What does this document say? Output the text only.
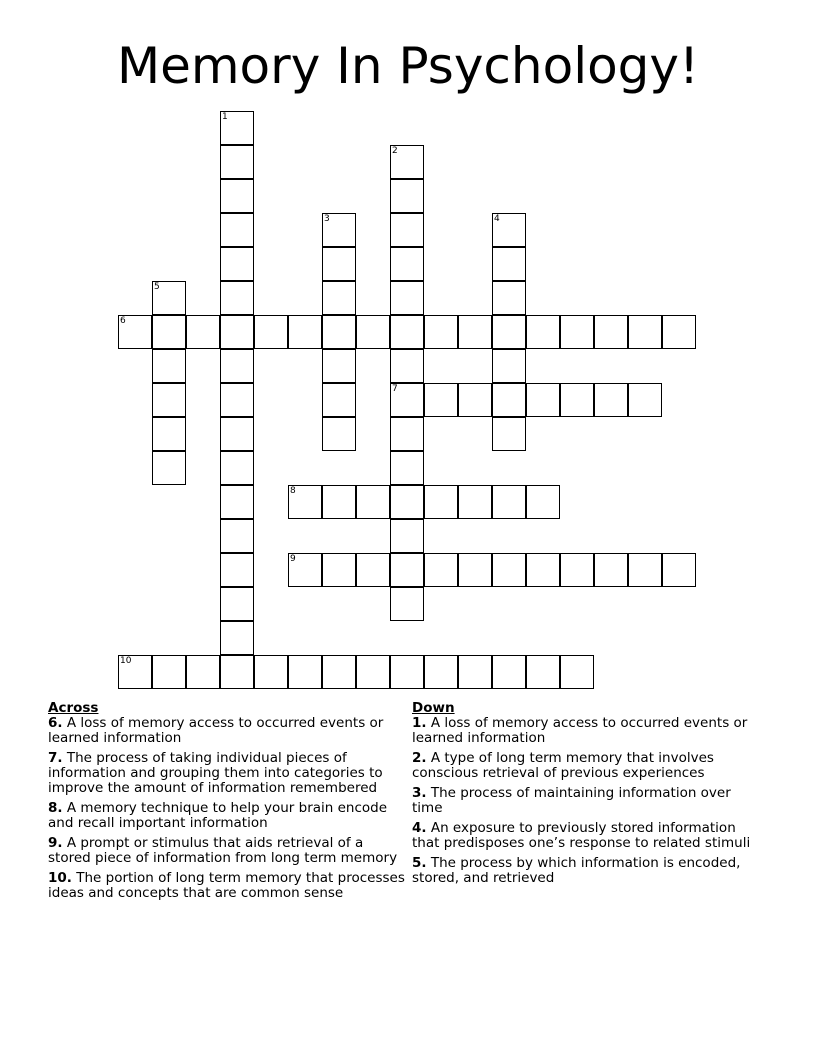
Memory In Psychology!
1
2
7
3	4
5
6
8
9
10
Across
6. A loss of memory access to occurred events or learned information
7. The process of taking individual pieces of information and grouping them into categories to improve the amount of information remembered
8. A memory technique to help your brain encode and recall important information
9. A prompt or stimulus that aids retrieval of a stored piece of information from long term memory
10. The portion of long term memory that processes ideas and concepts that are common sense
Down
1. A loss of memory access to occurred events or learned information
2. A type of long term memory that involves conscious retrieval of previous experiences
3. The process of maintaining information over time
4. An exposure to previously stored information that predisposes one’s response to related stimuli
5. The process by which information is encoded, stored, and retrieved
